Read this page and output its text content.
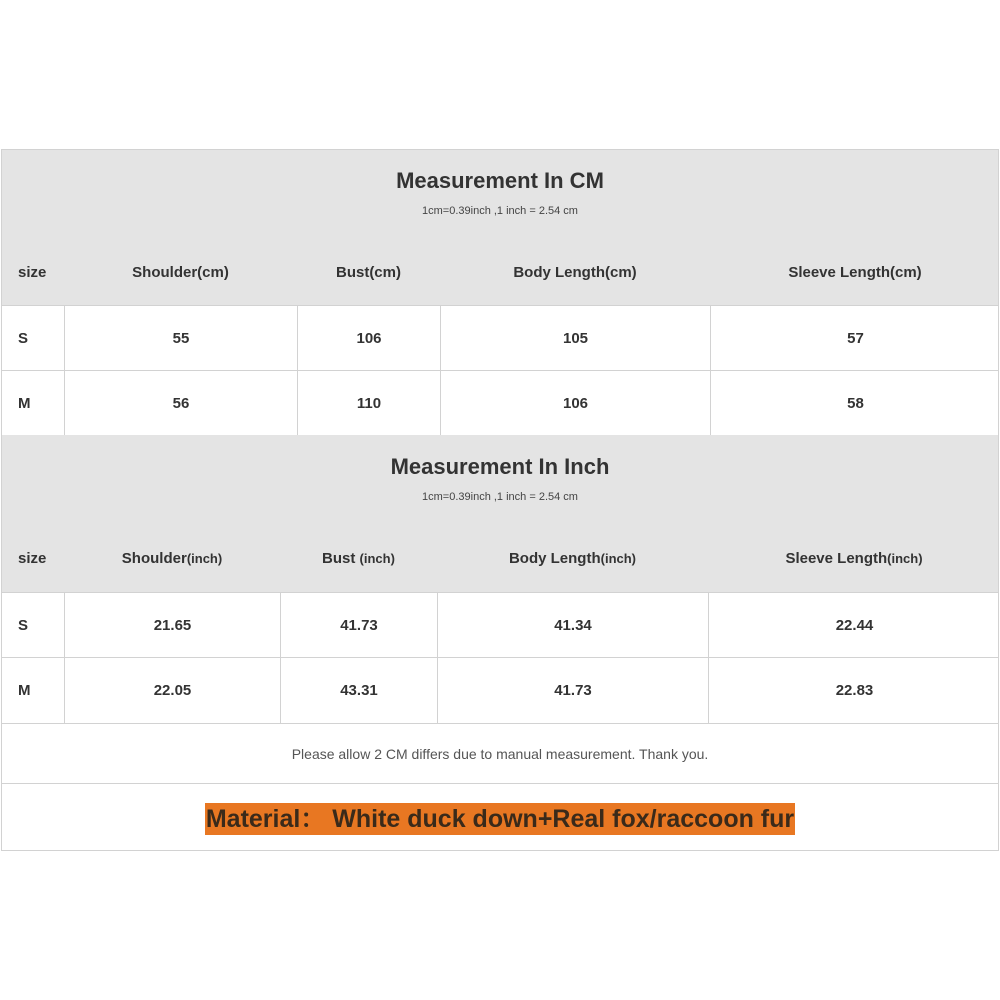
Measurement In CM
1cm=0.39inch ,1 inch = 2.54 cm
size	Shoulder(cm)	Bust(cm)	Body Length(cm)	Sleeve Length(cm)
S	55	106	105	57
M	56	110	106	58
Measurement In Inch
1cm=0.39inch ,1 inch = 2.54 cm
size	Shoulder (inch)	Bust (inch)	Body Length (inch)	Sleeve Length (inch)
S	21.65	41.73	41.34	22.44
M	22.05	43.31	41.73	22.83
Please allow 2 CM differs due to manual measurement. Thank you.
Material： White duck down+Real fox/raccoon fur
